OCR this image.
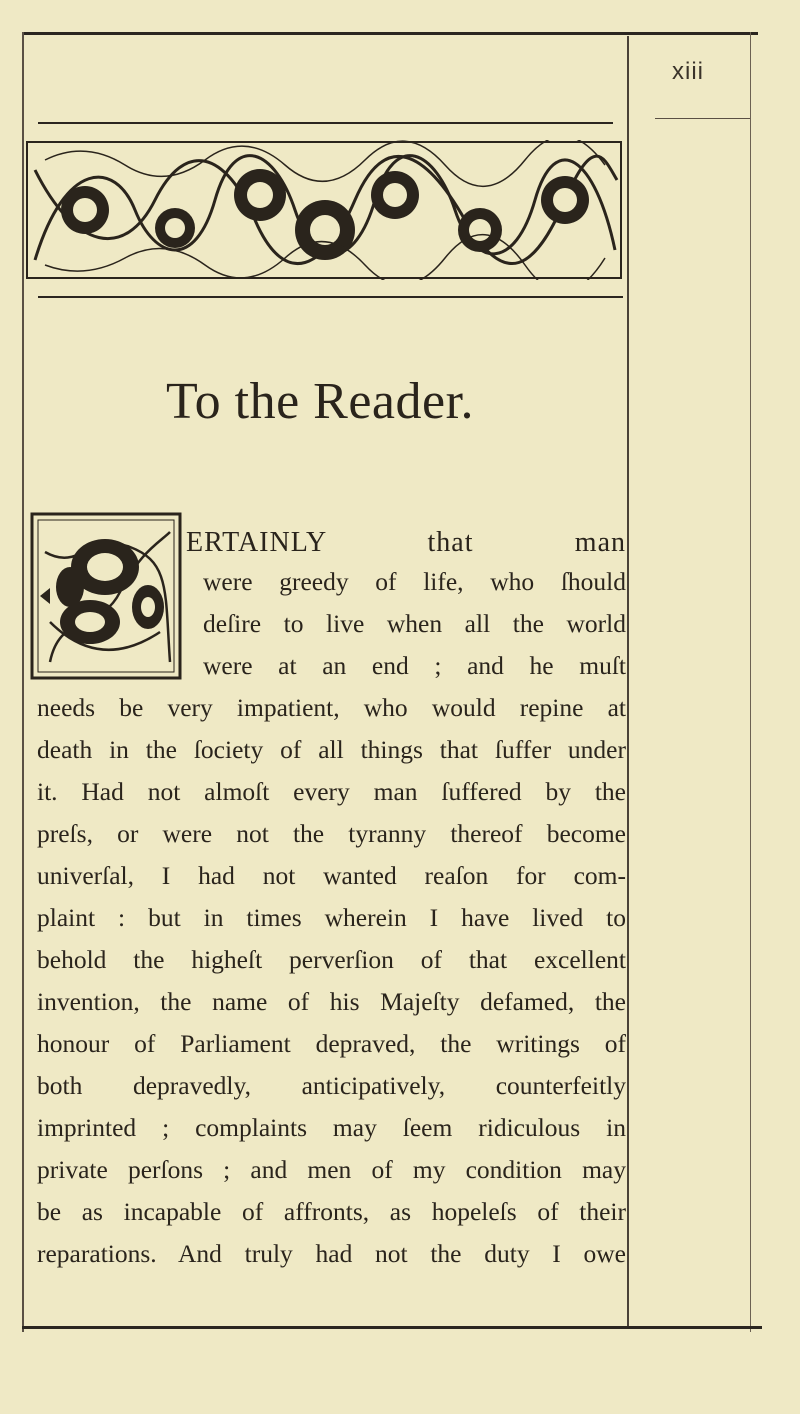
xiii
To the Reader.
ERTAINLY that man
were greedy of life, who ſhould
deſire to live when all the world
were at an end ; and he muſt
needs be very impatient, who would repine at
death in the ſociety of all things that ſuffer under
it. Had not almoſt every man ſuffered by the
preſs, or were not the tyranny thereof become
univerſal, I had not wanted reaſon for com-
plaint : but in times wherein I have lived to
behold the higheſt perverſion of that excellent
invention, the name of his Majeſty defamed, the
honour of Parliament depraved, the writings of
both depravedly, anticipatively, counterfeitly
imprinted ; complaints may ſeem ridiculous in
private perſons ; and men of my condition may
be as incapable of affronts, as hopeleſs of their
reparations. And truly had not the duty I owe
